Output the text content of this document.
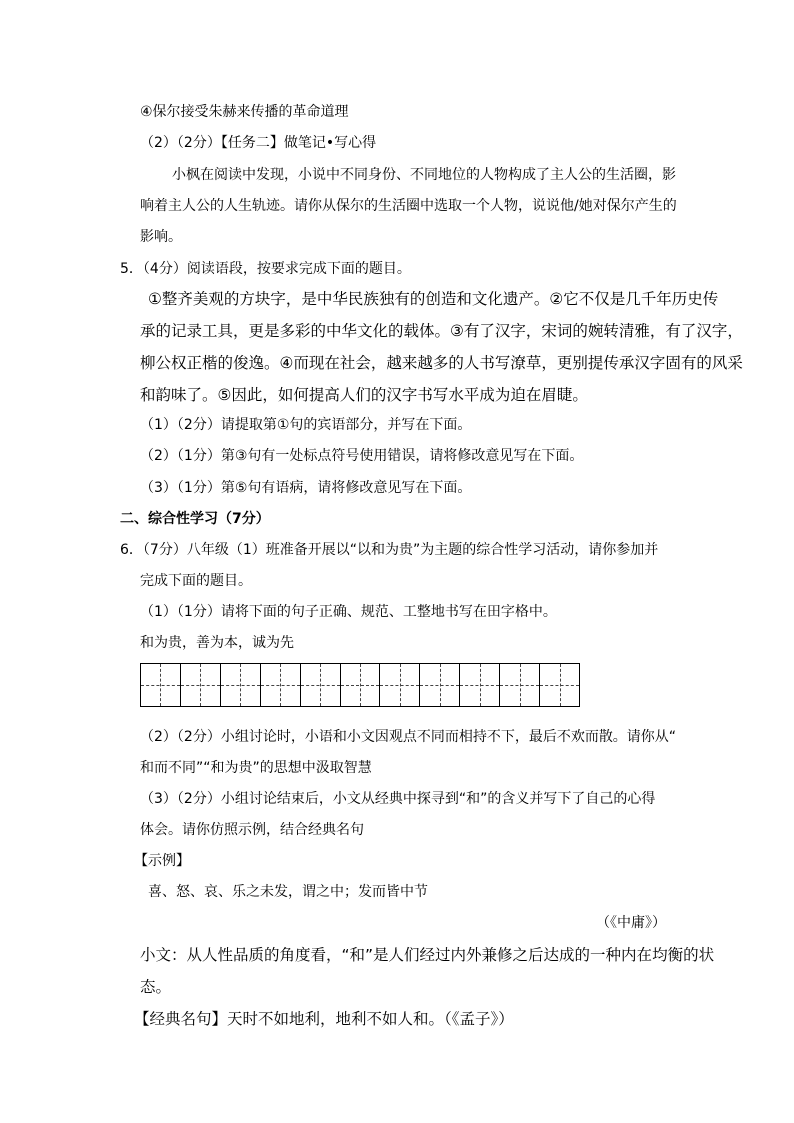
④保尔接受朱赫来传播的革命道理

（2）（2分）【任务二】做笔记•写心得

小枫在阅读中发现，小说中不同身份、不同地位的人物构成了主人公的生活圈，影

响着主人公的人生轨迹。请你从保尔的生活圈中选取一个人物，说说他/她对保尔产生的

影响。

5．（4分）阅读语段，按要求完成下面的题目。

①整齐美观的方块字，是中华民族独有的创造和文化遗产。②它不仅是几千年历史传

承的记录工具，更是多彩的中华文化的载体。③有了汉字，宋词的婉转清雅，有了汉字，

柳公权正楷的俊逸。④而现在社会，越来越多的人书写潦草，更别提传承汉字固有的风采

和韵味了。⑤因此，如何提高人们的汉字书写水平成为迫在眉睫。

（1）（2分）请提取第①句的宾语部分，并写在下面。

（2）（1分）第③句有一处标点符号使用错误，请将修改意见写在下面。

（3）（1分）第⑤句有语病，请将修改意见写在下面。

二、综合性学习（7分）

6．（7分）八年级（1）班准备开展以“以和为贵”为主题的综合性学习活动，请你参加并

完成下面的题目。

（1）（1分）请将下面的句子正确、规范、工整地书写在田字格中。

和为贵，善为本，诚为先

（2）（2分）小组讨论时，小语和小文因观点不同而相持不下，最后不欢而散。请你从“

和而不同”“和为贵”的思想中汲取智慧

（3）（2分）小组讨论结束后，小文从经典中探寻到“和”的含义并写下了自己的心得

体会。请你仿照示例，结合经典名句

【示例】

喜、怒、哀、乐之未发，谓之中；发而皆中节

（《中庸》）

小文：从人性品质的角度看，“和”是人们经过内外兼修之后达成的一种内在均衡的状

态。

【经典名句】天时不如地利，地利不如人和。（《孟子》）
